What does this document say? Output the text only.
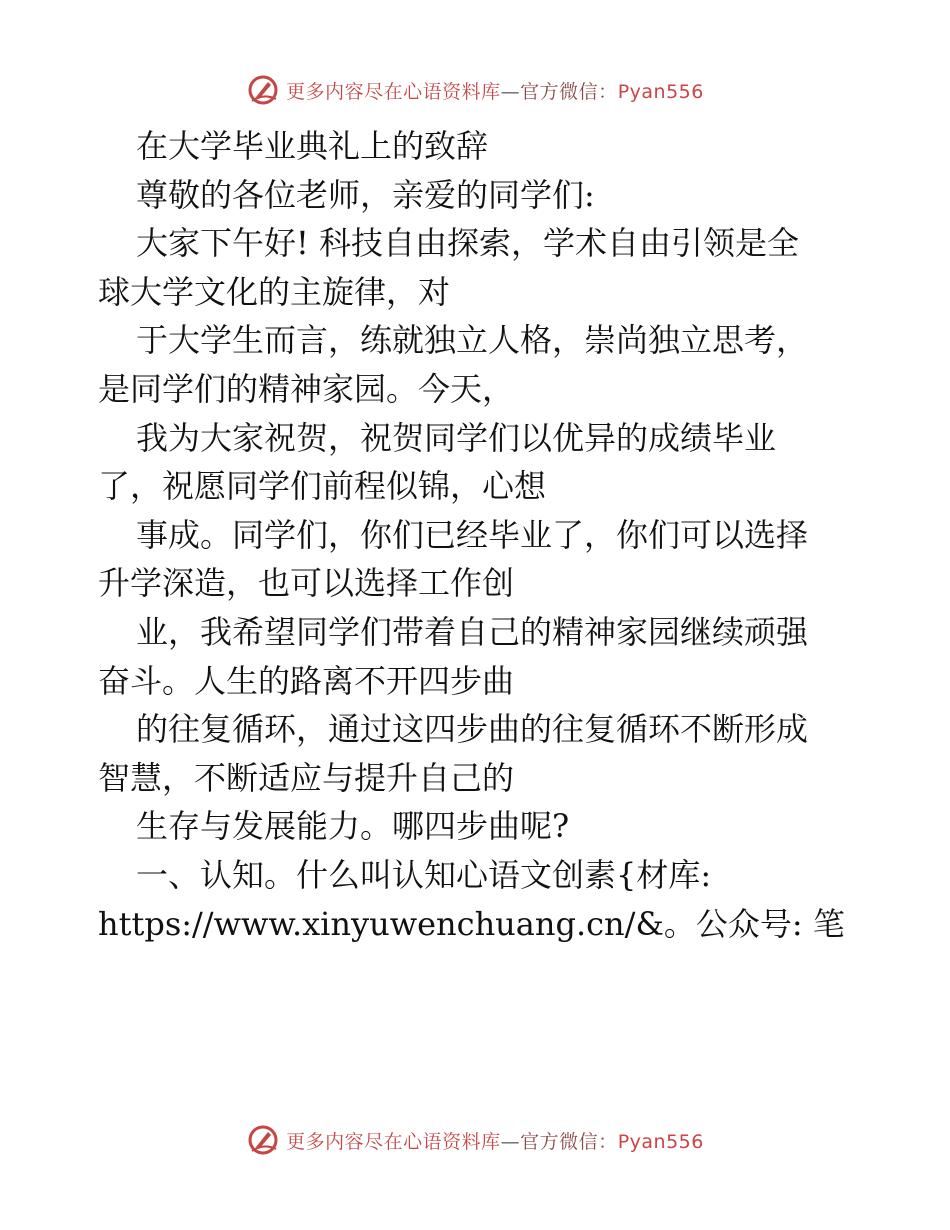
更多内容尽在心语资料库—官方微信：Pyan556
在大学毕业典礼上的致辞
尊敬的各位老师，亲爱的同学们:
大家下午好! 科技自由探索，学术自由引领是全
球大学文化的主旋律，对
于大学生而言，练就独立人格，崇尚独立思考，
是同学们的精神家园。今天，
我为大家祝贺，祝贺同学们以优异的成绩毕业
了，祝愿同学们前程似锦，心想
事成。同学们，你们已经毕业了，你们可以选择
升学深造，也可以选择工作创
业，我希望同学们带着自己的精神家园继续顽强
奋斗。人生的路离不开四步曲
的往复循环，通过这四步曲的往复循环不断形成
智慧，不断适应与提升自己的
生存与发展能力。哪四步曲呢?
一、认知。什么叫认知心语文创素{材库:
https://www.xinyuwenchuang.cn/&。公众号: 笔
更多内容尽在心语资料库—官方微信：Pyan556
